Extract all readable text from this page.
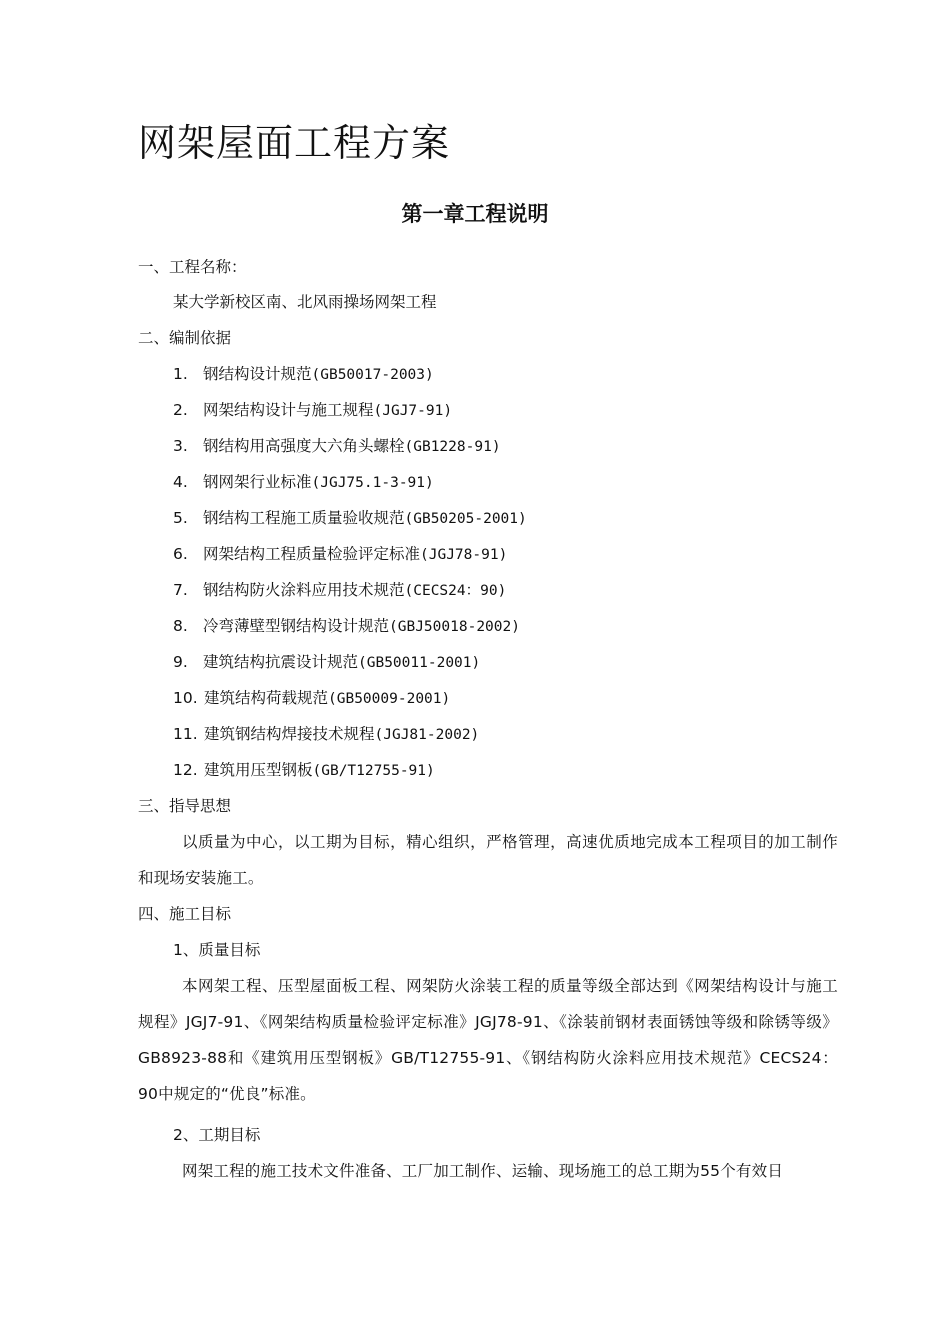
网架屋面工程方案
第一章工程说明
一、工程名称：
某大学新校区南、北风雨操场网架工程
二、编制依据
1. 钢结构设计规范(GB50017-2003)
2. 网架结构设计与施工规程(JGJ7-91)
3. 钢结构用高强度大六角头螺栓(GB1228-91)
4. 钢网架行业标准(JGJ75.1-3-91)
5. 钢结构工程施工质量验收规范(GB50205-2001)
6. 网架结构工程质量检验评定标准(JGJ78-91)
7. 钢结构防火涂料应用技术规范(CECS24：90)
8. 冷弯薄壁型钢结构设计规范(GBJ50018-2002)
9. 建筑结构抗震设计规范(GB50011-2001)
10. 建筑结构荷载规范(GB50009-2001)
11. 建筑钢结构焊接技术规程(JGJ81-2002)
12. 建筑用压型钢板(GB/T12755-91)
三、指导思想

以质量为中心，以工期为目标，精心组织，严格管理，高速优质地完成本工程项目的加工制作和现场安装施工。

四、施工目标
1、质量目标

本网架工程、压型屋面板工程、网架防火涂装工程的质量等级全部达到《网架结构设计与施工规程》JGJ7-91、《网架结构质量检验评定标准》JGJ78-91、《涂装前钢材表面锈蚀等级和除锈等级》GB8923-88和《建筑用压型钢板》GB/T12755-91、《钢结构防火涂料应用技术规范》CECS24：90中规定的“优良”标准。

2、工期目标

网架工程的施工技术文件准备、工厂加工制作、运输、现场施工的总工期为55个有效日
